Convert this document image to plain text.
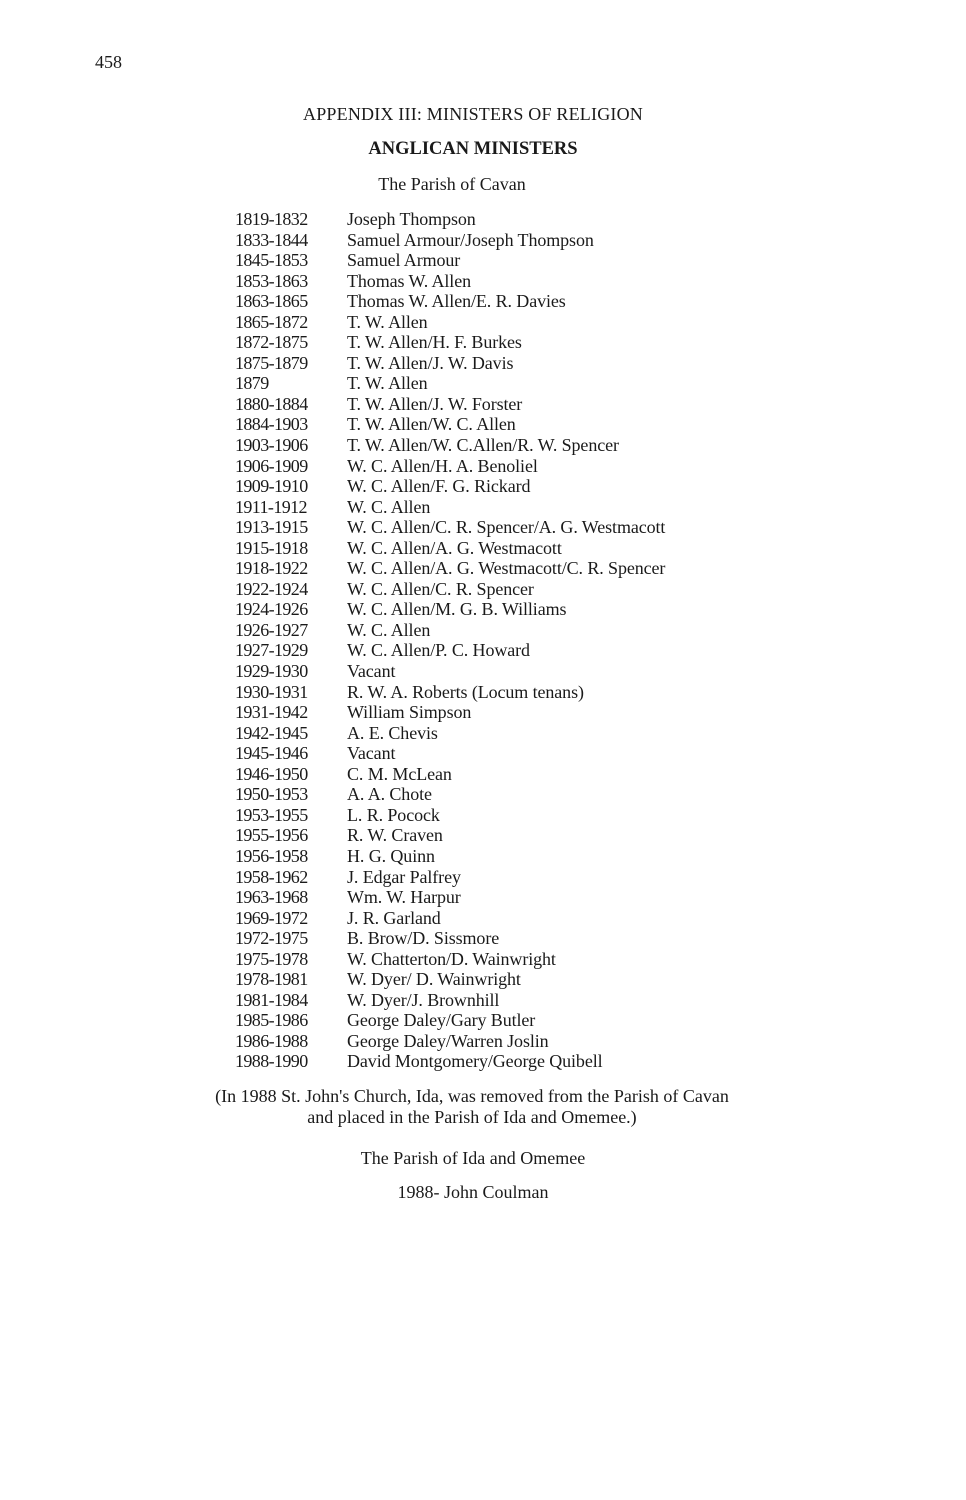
458
APPENDIX III: MINISTERS OF RELIGION
ANGLICAN MINISTERS
The Parish of Cavan
1819-1832	Joseph Thompson
1833-1844	Samuel Armour/Joseph Thompson
1845-1853	Samuel Armour
1853-1863	Thomas W. Allen
1863-1865	Thomas W. Allen/E. R. Davies
1865-1872	T. W. Allen
1872-1875	T. W. Allen/H. F. Burkes
1875-1879	T. W. Allen/J. W. Davis
1879	T. W. Allen
1880-1884	T. W. Allen/J. W. Forster
1884-1903	T. W. Allen/W. C. Allen
1903-1906	T. W. Allen/W. C.Allen/R. W. Spencer
1906-1909	W. C. Allen/H. A. Benoliel
1909-1910	W. C. Allen/F. G. Rickard
1911-1912	W. C. Allen
1913-1915	W. C. Allen/C. R. Spencer/A. G. Westmacott
1915-1918	W. C. Allen/A. G. Westmacott
1918-1922	W. C. Allen/A. G. Westmacott/C. R. Spencer
1922-1924	W. C. Allen/C. R. Spencer
1924-1926	W. C. Allen/M. G. B. Williams
1926-1927	W. C. Allen
1927-1929	W. C. Allen/P. C. Howard
1929-1930	Vacant
1930-1931	R. W. A. Roberts (Locum tenans)
1931-1942	William Simpson
1942-1945	A. E. Chevis
1945-1946	Vacant
1946-1950	C. M. McLean
1950-1953	A. A. Chote
1953-1955	L. R. Pocock
1955-1956	R. W. Craven
1956-1958	H. G. Quinn
1958-1962	J. Edgar Palfrey
1963-1968	Wm. W. Harpur
1969-1972	J. R. Garland
1972-1975	B. Brow/D. Sissmore
1975-1978	W. Chatterton/D. Wainwright
1978-1981	W. Dyer/ D. Wainwright
1981-1984	W. Dyer/J. Brownhill
1985-1986	George Daley/Gary Butler
1986-1988	George Daley/Warren Joslin
1988-1990	David Montgomery/George Quibell
(In 1988 St. John's Church, Ida, was removed from the Parish of Cavan
and placed in the Parish of Ida and Omemee.)
The Parish of Ida and Omemee
1988- John Coulman
